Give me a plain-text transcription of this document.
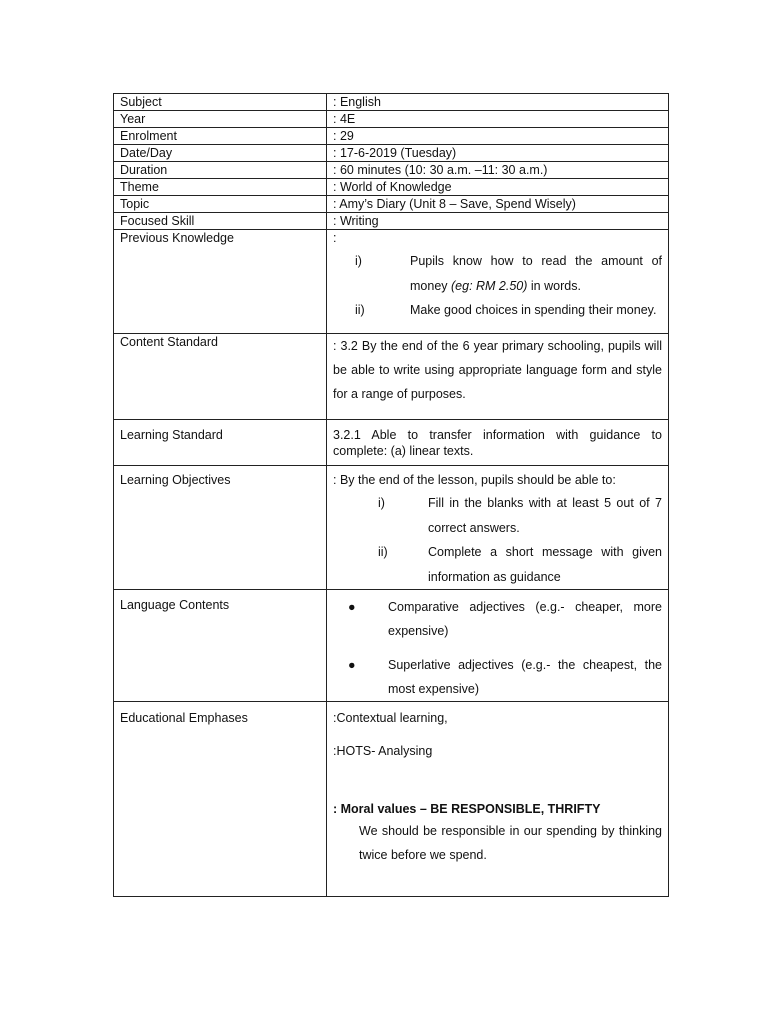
Subject	: English
Year	: 4E
Enrolment	: 29
Date/Day	: 17-6-2019 (Tuesday)
Duration	: 60 minutes (10: 30 a.m. –11: 30 a.m.)
Theme	: World of Knowledge
Topic	: Amy’s Diary (Unit 8 – Save, Spend Wisely)
Focused Skill	: Writing
Previous Knowledge	:
i) Pupils know how to read the amount of money (eg: RM 2.50) in words.
ii) Make good choices in spending their money.

Content Standard	: 3.2 By the end of the 6 year primary schooling, pupils will be able to write using appropriate language form and style for a range of purposes.

Learning Standard	3.2.1 Able to transfer information with guidance to complete: (a) linear texts.

Learning Objectives	: By the end of the lesson, pupils should be able to:
i) Fill in the blanks with at least 5 out of 7 correct answers.
ii) Complete a short message with given information as guidance

Language Contents	● Comparative adjectives (e.g.- cheaper, more expensive)
● Superlative adjectives (e.g.- the cheapest, the most expensive)

Educational Emphases	:Contextual learning,
:HOTS- Analysing
: Moral values – BE RESPONSIBLE, THRIFTY
We should be responsible in our spending by thinking twice before we spend.
